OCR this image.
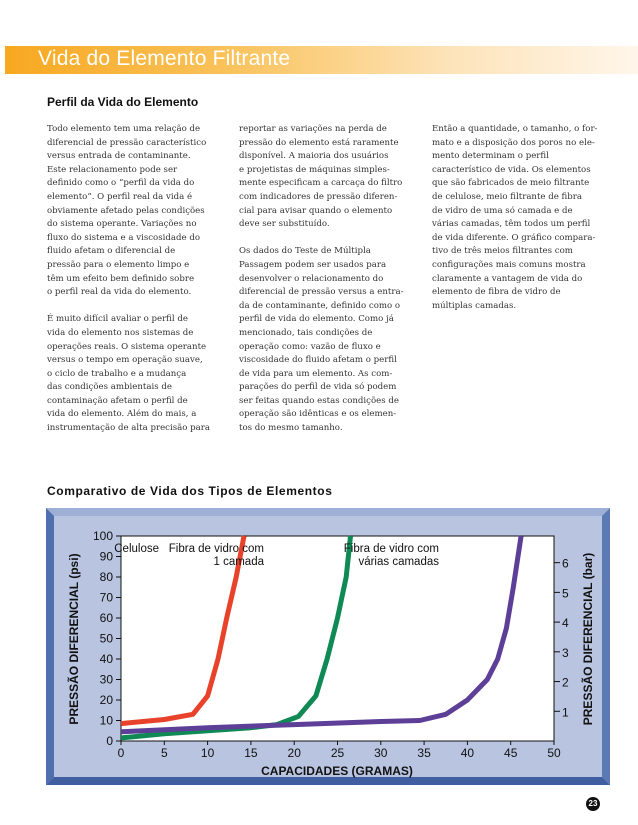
Vida do Elemento Filtrante
Perfil da Vida do Elemento

Todo elemento tem uma relação de
diferencial de pressão característico
versus entrada de contaminante.
Este relacionamento pode ser
definido como o “perfil da vida do
elemento”. O perfil real da vida é
obviamente afetado pelas condições
do sistema operante. Variações no
fluxo do sistema e a viscosidade do
fluido afetam o diferencial de
pressão para o elemento limpo e
têm um efeito bem definido sobre
o perfil real da vida do elemento.

É muito difícil avaliar o perfil de
vida do elemento nos sistemas de
operações reais. O sistema operante
versus o tempo em operação suave,
o ciclo de trabalho e a mudança
das condições ambientais de
contaminação afetam o perfil de
vida do elemento. Além do mais, a
instrumentação de alta precisão para

reportar as variações na perda de
pressão do elemento está raramente
disponível. A maioria dos usuários
e projetistas de máquinas simples-
mente especificam a carcaça do filtro
com indicadores de pressão diferen-
cial para avisar quando o elemento
deve ser substituído.

Os dados do Teste de Múltipla
Passagem podem ser usados para
desenvolver o relacionamento do
diferencial de pressão versus a entra-
da de contaminante, definido como o
perfil de vida do elemento. Como já
mencionado, tais condições de
operação como: vazão de fluxo e
viscosidade do fluido afetam o perfil
de vida para um elemento. As com-
parações do perfil de vida só podem
ser feitas quando estas condições de
operação são idênticas e os elemen-
tos do mesmo tamanho.

Então a quantidade, o tamanho, o for-
mato e a disposição dos poros no ele-
mento determinam o perfil
característico de vida. Os elementos
que são fabricados de meio filtrante
de celulose, meio filtrante de fibra
de vidro de uma só camada e de
várias camadas, têm todos um perfil
de vida diferente. O gráfico compara-
tivo de três meios filtrantes com
configurações mais comuns mostra
claramente a vantagem de vida do
elemento de fibra de vidro de
múltiplas camadas.

Comparativo de Vida dos Tipos de Elementos
0	5	10 15 20 25 30 35 40 45 50
0
10
20
30
40
50
60
70
80
90
100
1
2
3
4
5
6
Celulose Fibra de vidro com
1 camada
Fibra de vidro com
várias camadas
CAPACIDADES (GRAMAS)
PRESSÃO DIFERENCIAL (psi)	PRESSÃO DIFERENCIAL (bar)
23
